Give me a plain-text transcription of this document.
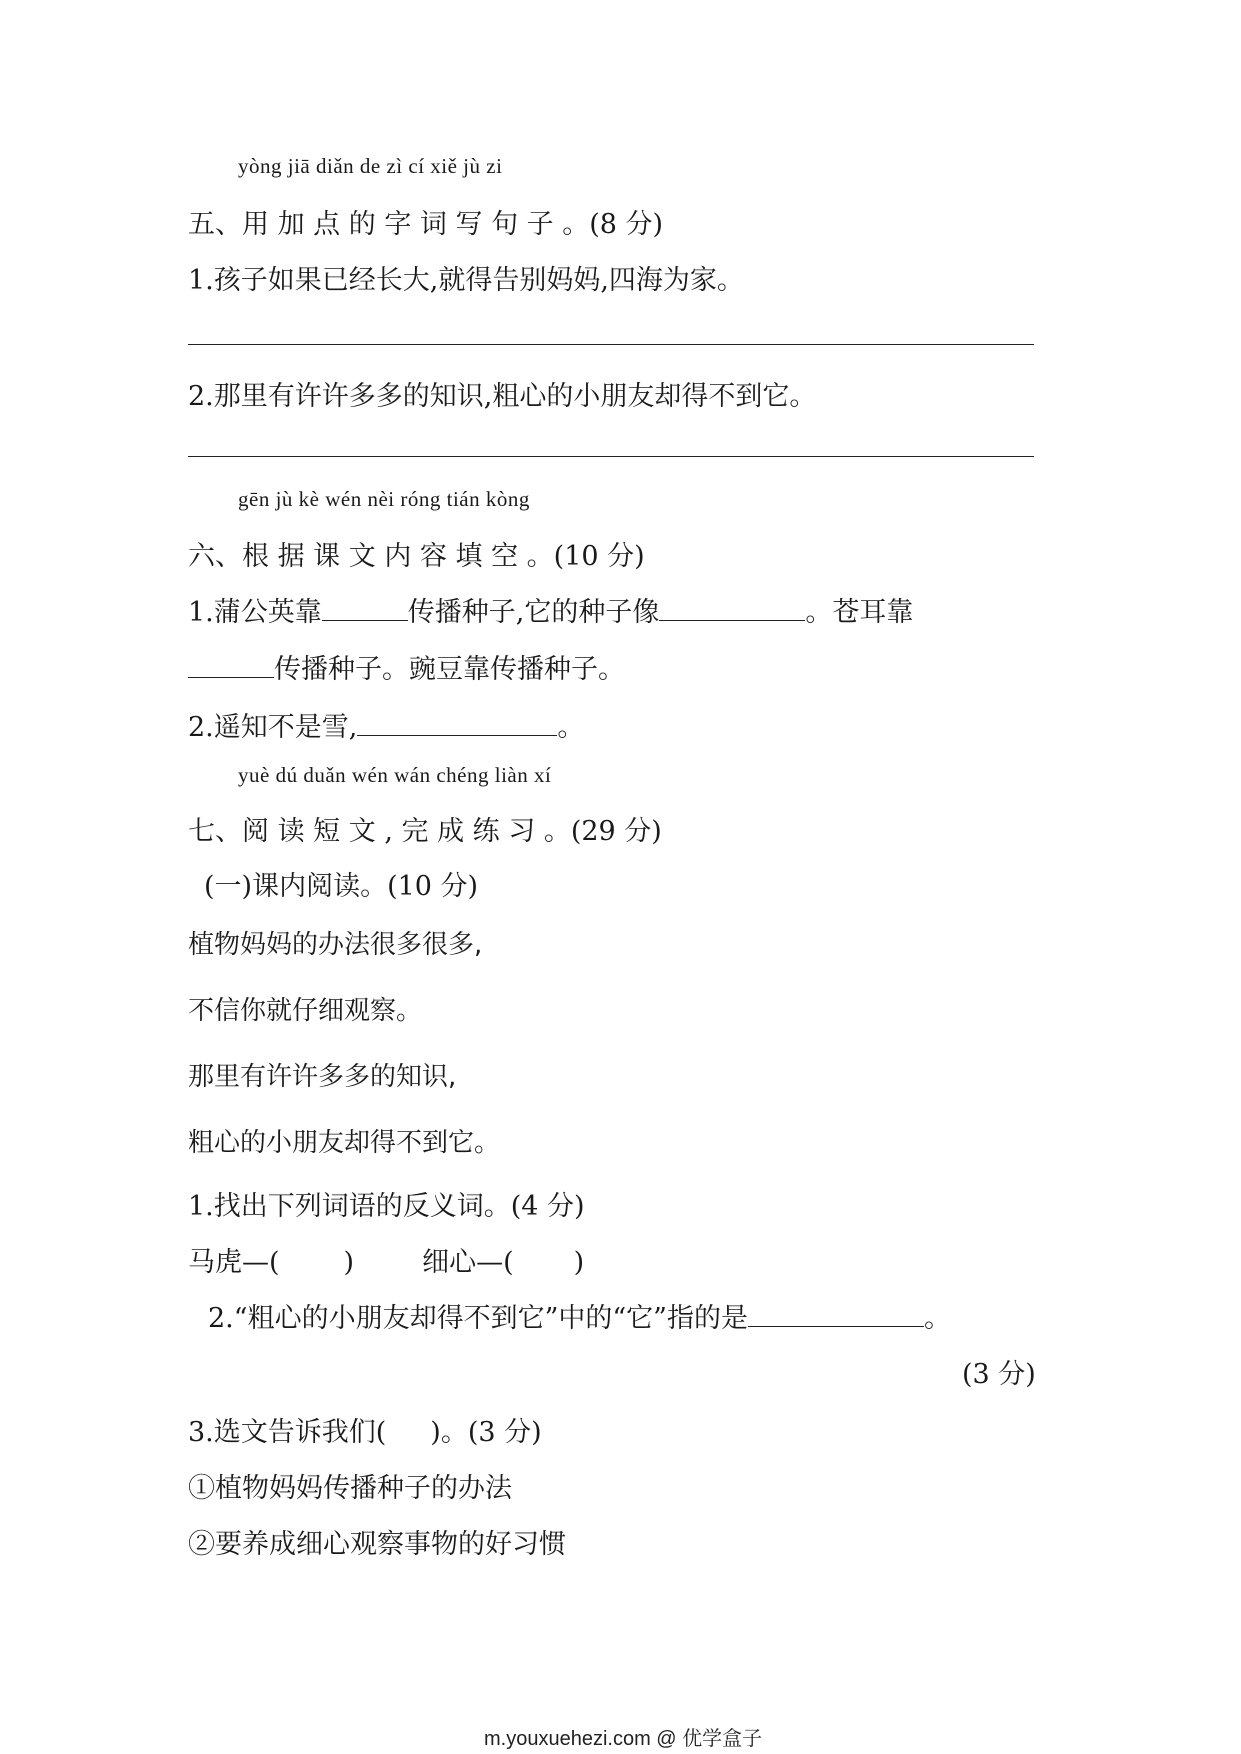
yòng jiā diǎn de zì cí xiě jù zi
五、用 加 点 的 字 词 写 句 子 。(8 分)
1.孩子如果已经长大,就得告别妈妈,四海为家。
2.那里有许许多多的知识,粗心的小朋友却得不到它。
gēn jù kè wén nèi róng tián kòng
六、根 据 课 文 内 容 填 空 。(10 分)
1.蒲公英靠	传播种子,它的种子像	。苍耳靠
传播种子。豌豆靠传播种子。
2.遥知不是雪,	。
yuè dú duǎn wén wán chéng liàn xí
七、阅 读 短 文 , 完 成 练 习 。(29 分)
(一)课内阅读。(10 分)
植物妈妈的办法很多很多,
不信你就仔细观察。
那里有许许多多的知识,
粗心的小朋友却得不到它。
1.找出下列词语的反义词。(4 分)
马虎—( )	细心—( )
2.“粗心的小朋友却得不到它”中的“它”指的是	。
(3 分)
3.选文告诉我们( )。(3 分)
①植物妈妈传播种子的办法
②要养成细心观察事物的好习惯
m.youxuehezi.com @ 优学盒子
